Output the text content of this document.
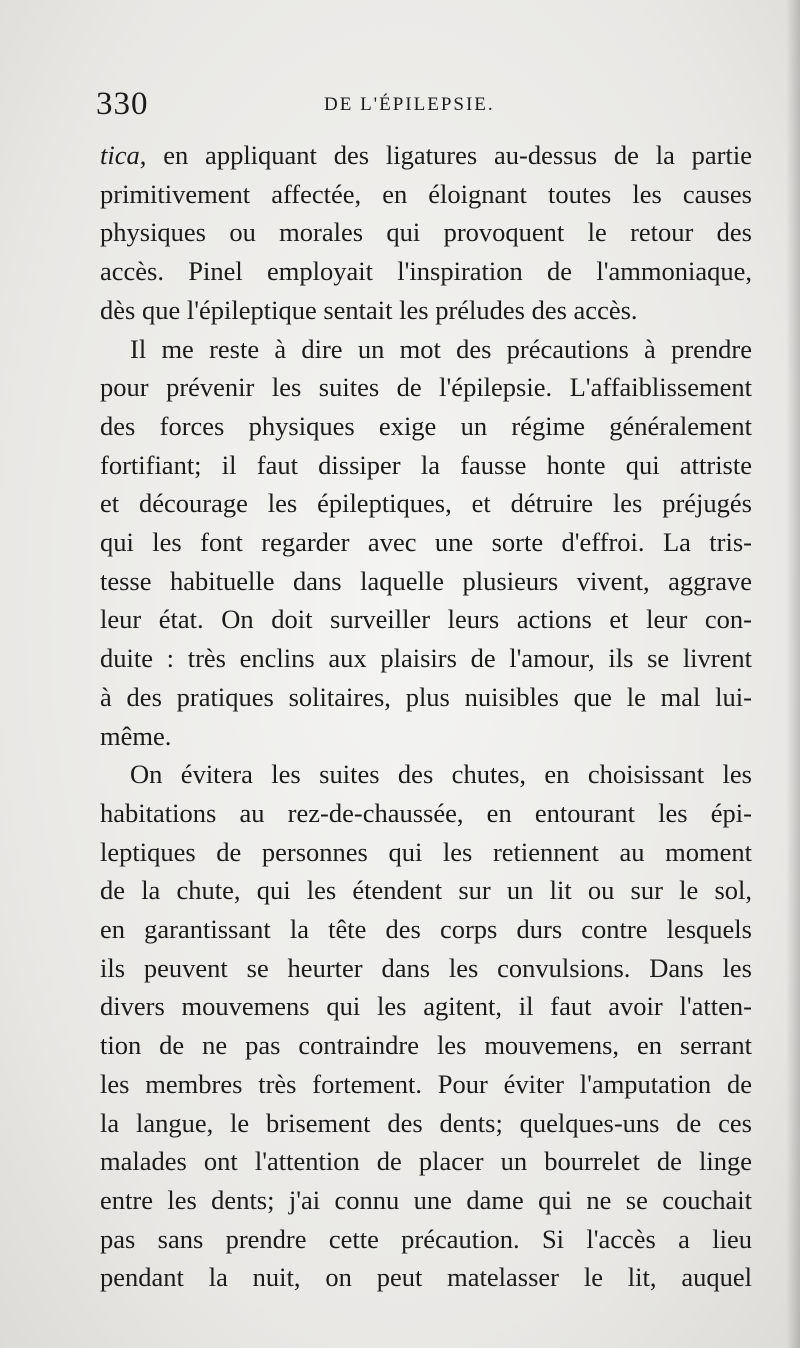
330	DE L'ÉPILEPSIE.
tica, en appliquant des ligatures au-dessus de la partie
primitivement affectée, en éloignant toutes les causes
physiques ou morales qui provoquent le retour des
accès. Pinel employait l'inspiration de l'ammoniaque,
dès que l'épileptique sentait les préludes des accès.
Il me reste à dire un mot des précautions à prendre
pour prévenir les suites de l'épilepsie. L'affaiblissement
des forces physiques exige un régime généralement
fortifiant; il faut dissiper la fausse honte qui attriste
et décourage les épileptiques, et détruire les préjugés
qui les font regarder avec une sorte d'effroi. La tris-
tesse habituelle dans laquelle plusieurs vivent, aggrave
leur état. On doit surveiller leurs actions et leur con-
duite : très enclins aux plaisirs de l'amour, ils se livrent
à des pratiques solitaires, plus nuisibles que le mal lui-
même.
On évitera les suites des chutes, en choisissant les
habitations au rez-de-chaussée, en entourant les épi-
leptiques de personnes qui les retiennent au moment
de la chute, qui les étendent sur un lit ou sur le sol,
en garantissant la tête des corps durs contre lesquels
ils peuvent se heurter dans les convulsions. Dans les
divers mouvemens qui les agitent, il faut avoir l'atten-
tion de ne pas contraindre les mouvemens, en serrant
les membres très fortement. Pour éviter l'amputation de
la langue, le brisement des dents; quelques-uns de ces
malades ont l'attention de placer un bourrelet de linge
entre les dents; j'ai connu une dame qui ne se couchait
pas sans prendre cette précaution. Si l'accès a lieu
pendant la nuit, on peut matelasser le lit, auquel
